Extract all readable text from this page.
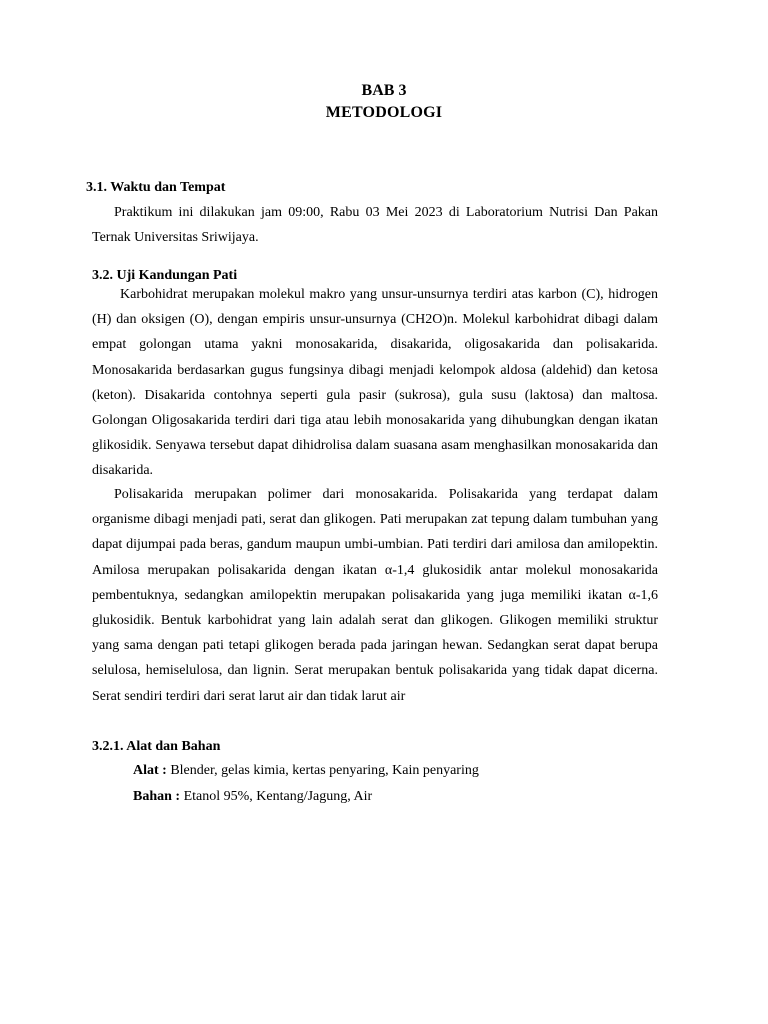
BAB 3
METODOLOGI
3.1. Waktu dan Tempat

Praktikum ini dilakukan jam 09:00, Rabu 03 Mei 2023 di Laboratorium Nutrisi Dan Pakan Ternak Universitas Sriwijaya.

3.2. Uji Kandungan Pati

Karbohidrat merupakan molekul makro yang unsur-unsurnya terdiri atas karbon (C), hidrogen (H) dan oksigen (O), dengan empiris unsur-unsurnya (CH2O)n. Molekul karbohidrat dibagi dalam empat golongan utama yakni monosakarida, disakarida, oligosakarida dan polisakarida. Monosakarida berdasarkan gugus fungsinya dibagi menjadi kelompok aldosa (aldehid) dan ketosa (keton). Disakarida contohnya seperti gula pasir (sukrosa), gula susu (laktosa) dan maltosa. Golongan Oligosakarida terdiri dari tiga atau lebih monosakarida yang dihubungkan dengan ikatan glikosidik. Senyawa tersebut dapat dihidrolisa dalam suasana asam menghasilkan monosakarida dan disakarida.

Polisakarida merupakan polimer dari monosakarida. Polisakarida yang terdapat dalam organisme dibagi menjadi pati, serat dan glikogen. Pati merupakan zat tepung dalam tumbuhan yang dapat dijumpai pada beras, gandum maupun umbi-umbian. Pati terdiri dari amilosa dan amilopektin. Amilosa merupakan polisakarida dengan ikatan α-1,4 glukosidik antar molekul monosakarida pembentuknya, sedangkan amilopektin merupakan polisakarida yang juga memiliki ikatan α-1,6 glukosidik. Bentuk karbohidrat yang lain adalah serat dan glikogen. Glikogen memiliki struktur yang sama dengan pati tetapi glikogen berada pada jaringan hewan. Sedangkan serat dapat berupa selulosa, hemiselulosa, dan lignin. Serat merupakan bentuk polisakarida yang tidak dapat dicerna. Serat sendiri terdiri dari serat larut air dan tidak larut air

3.2.1. Alat dan Bahan
Alat : Blender, gelas kimia, kertas penyaring, Kain penyaring
Bahan : Etanol 95%, Kentang/Jagung, Air
